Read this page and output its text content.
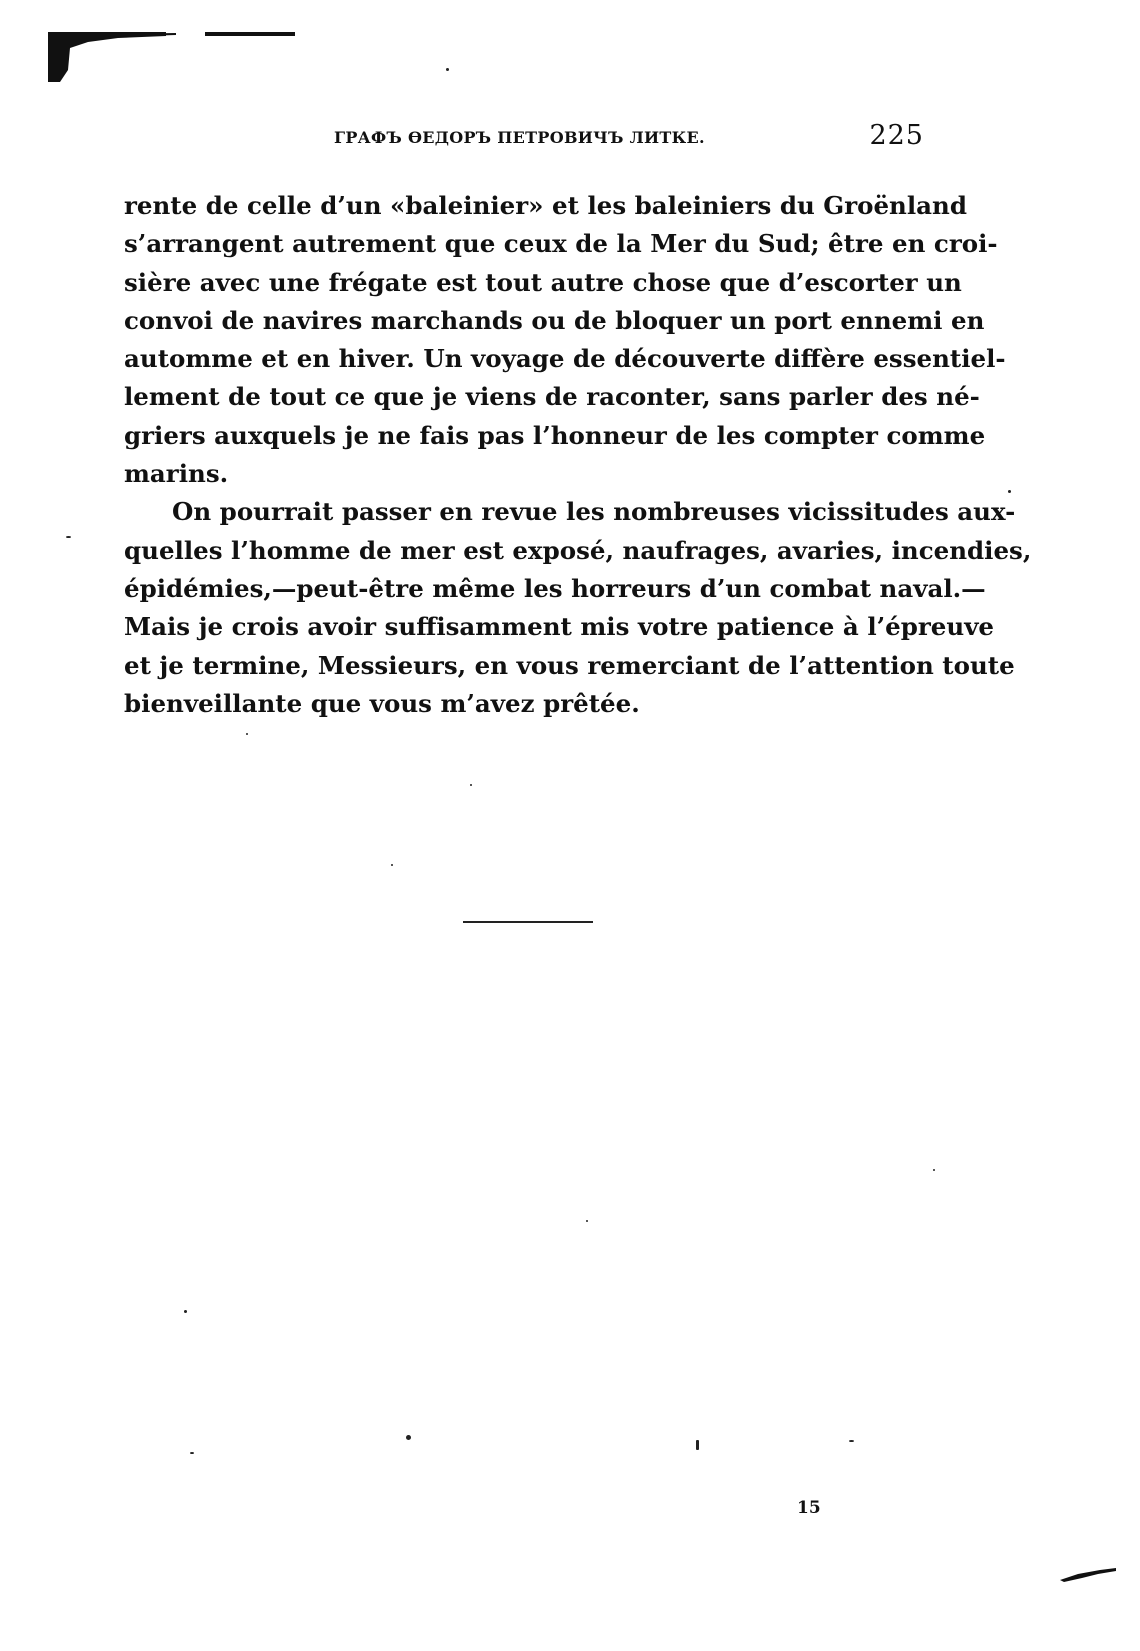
ГРАФЪ ѲЕДОРЪ ПЕТРОВИЧЪ ЛИТКЕ.	225
rente de celle d’un «baleinier» et les baleiniers du Groënland
s’arrangent autrement que ceux de la Mer du Sud; être en croi-
sière avec une frégate est tout autre chose que d’escorter un
convoi de navires marchands ou de bloquer un port ennemi en
automme et en hiver. Un voyage de découverte diffère essentiel-
lement de tout ce que je viens de raconter, sans parler des né-
griers auxquels je ne fais pas l’honneur de les compter comme
marins.
On pourrait passer en revue les nombreuses vicissitudes aux-
quelles l’homme de mer est exposé, naufrages, avaries, incendies,
épidémies,—peut-être même les horreurs d’un combat naval.—
Mais je crois avoir suffisamment mis votre patience à l’épreuve
et je termine, Messieurs, en vous remerciant de l’attention toute
bienveillante que vous m’avez prêtée.
15
